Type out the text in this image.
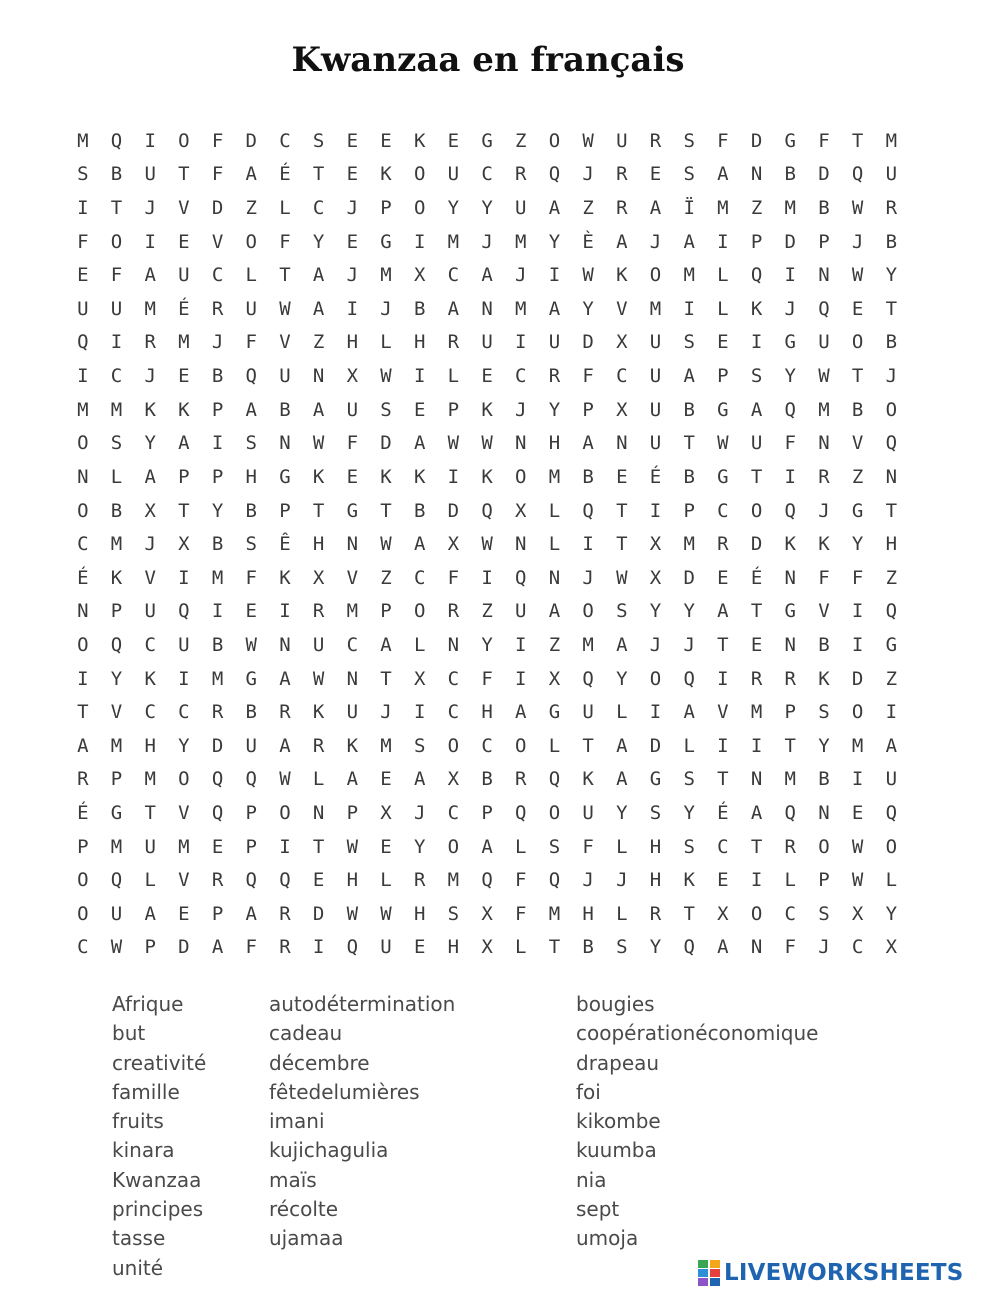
Kwanzaa en français
M	Q	I	O	F	D	C	S	E	E	K	E	G	Z	O	W	U	R	S	F	D	G	F	T	M
S	B	U	T	F	A	É	T	E	K	O	U	C	R	Q	J	R	E	S	A	N	B	D	Q	U
I	T	J	V	D	Z	L	C	J	P	O	Y	Y	U	A	Z	R	A	Ï	M	Z	M	B	W	R
F	O	I	E	V	O	F	Y	E	G	I	M	J	M	Y	È	A	J	A	I	P	D	P	J	B
E	F	A	U	C	L	T	A	J	M	X	C	A	J	I	W	K	O	M	L	Q	I	N	W	Y
U	U	M	É	R	U	W	A	I	J	B	A	N	M	A	Y	V	M	I	L	K	J	Q	E	T
Q	I	R	M	J	F	V	Z	H	L	H	R	U	I	U	D	X	U	S	E	I	G	U	O	B
I	C	J	E	B	Q	U	N	X	W	I	L	E	C	R	F	C	U	A	P	S	Y	W	T	J
M	M	K	K	P	A	B	A	U	S	E	P	K	J	Y	P	X	U	B	G	A	Q	M	B	O
O	S	Y	A	I	S	N	W	F	D	A	W	W	N	H	A	N	U	T	W	U	F	N	V	Q
N	L	A	P	P	H	G	K	E	K	K	I	K	O	M	B	E	É	B	G	T	I	R	Z	N
O	B	X	T	Y	B	P	T	G	T	B	D	Q	X	L	Q	T	I	P	C	O	Q	J	G	T
C	M	J	X	B	S	Ê	H	N	W	A	X	W	N	L	I	T	X	M	R	D	K	K	Y	H
É	K	V	I	M	F	K	X	V	Z	C	F	I	Q	N	J	W	X	D	E	É	N	F	F	Z
N	P	U	Q	I	E	I	R	M	P	O	R	Z	U	A	O	S	Y	Y	A	T	G	V	I	Q
O	Q	C	U	B	W	N	U	C	A	L	N	Y	I	Z	M	A	J	J	T	E	N	B	I	G
I	Y	K	I	M	G	A	W	N	T	X	C	F	I	X	Q	Y	O	Q	I	R	R	K	D	Z
T	V	C	C	R	B	R	K	U	J	I	C	H	A	G	U	L	I	A	V	M	P	S	O	I
A	M	H	Y	D	U	A	R	K	M	S	O	C	O	L	T	A	D	L	I	I	T	Y	M	A
R	P	M	O	Q	Q	W	L	A	E	A	X	B	R	Q	K	A	G	S	T	N	M	B	I	U
É	G	T	V	Q	P	O	N	P	X	J	C	P	Q	O	U	Y	S	Y	É	A	Q	N	E	Q
P	M	U	M	E	P	I	T	W	E	Y	O	A	L	S	F	L	H	S	C	T	R	O	W	O
O	Q	L	V	R	Q	Q	E	H	L	R	M	Q	F	Q	J	J	H	K	E	I	L	P	W	L
O	U	A	E	P	A	R	D	W	W	H	S	X	F	M	H	L	R	T	X	O	C	S	X	Y
C	W	P	D	A	F	R	I	Q	U	E	H	X	L	T	B	S	Y	Q	A	N	F	J	C	X
Afrique
but
creativité
famille
fruits
kinara
Kwanzaa
principes
tasse
unité
autodétermination
cadeau
décembre
fêtedelumières
imani
kujichagulia
maïs
récolte
ujamaa
bougies
coopérationéconomique
drapeau
foi
kikombe
kuumba
nia
sept
umoja
LIVEWORKSHEETS
